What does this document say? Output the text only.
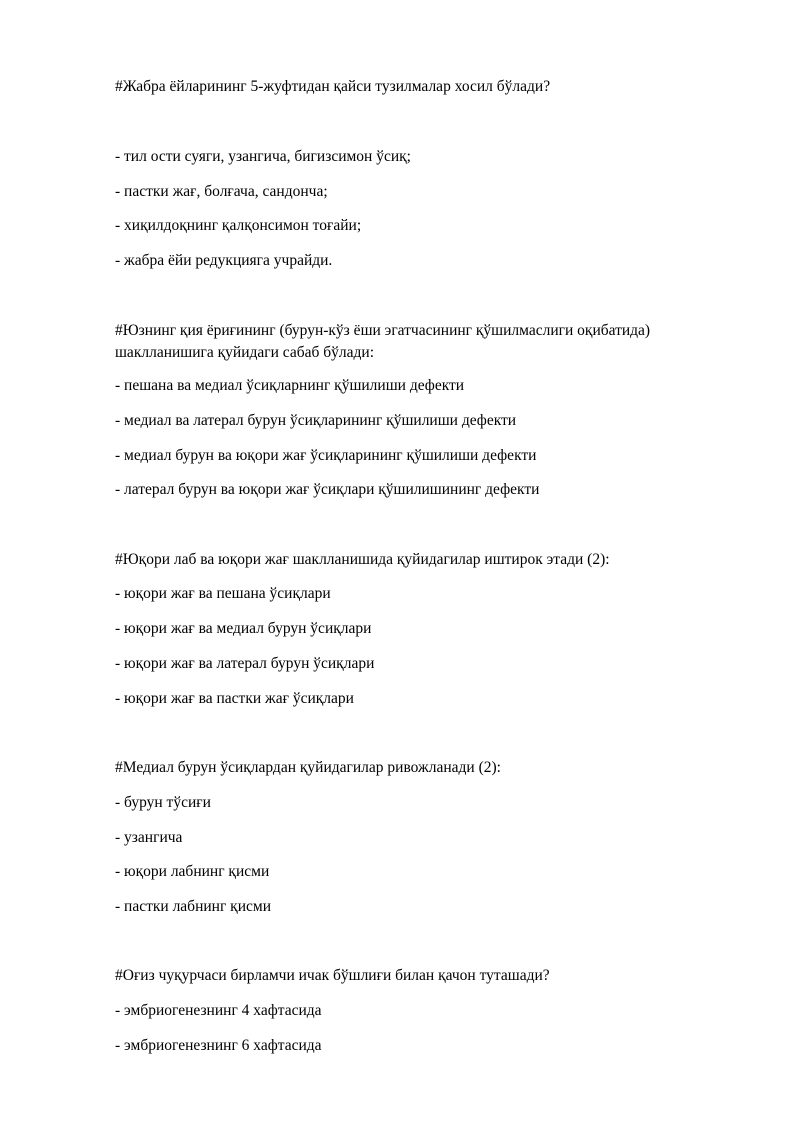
#Жабра ёйларининг 5-жуфтидан қайси тузилмалар хосил бўлади?
- тил ости суяги, узангича, бигизсимон ўсиқ;
- пастки жағ, болғача, сандонча;
- хиқилдоқнинг қалқонсимон тоғайи;
- жабра ёйи редукцияга учрайди.
#Юзнинг қия ёриғининг (бурун-кўз ёши эгатчасининг қўшилмаслиги оқибатида) шаклланишига қуйидаги сабаб бўлади:
- пешана ва медиал ўсиқларнинг қўшилиши дефекти
- медиал ва латерал бурун ўсиқларининг қўшилиши дефекти
- медиал бурун ва юқори жағ ўсиқларининг қўшилиши дефекти
- латерал бурун ва юқори жағ ўсиқлари қўшилишининг дефекти
#Юқори лаб ва юқори жағ шаклланишида қуйидагилар иштирок этади (2):
- юқори жағ ва пешана ўсиқлари
- юқори жағ ва медиал бурун ўсиқлари
- юқори жағ ва латерал бурун ўсиқлари
- юқори жағ ва пастки жағ ўсиқлари
#Медиал бурун ўсиқлардан қуйидагилар ривожланади (2):
- бурун тўсиғи
- узангича
- юқори лабнинг қисми
- пастки лабнинг қисми
#Оғиз чуқурчаси бирламчи ичак бўшлиғи билан қачон туташади?
- эмбриогенезнинг 4 хафтасида
- эмбриогенезнинг 6 хафтасида
